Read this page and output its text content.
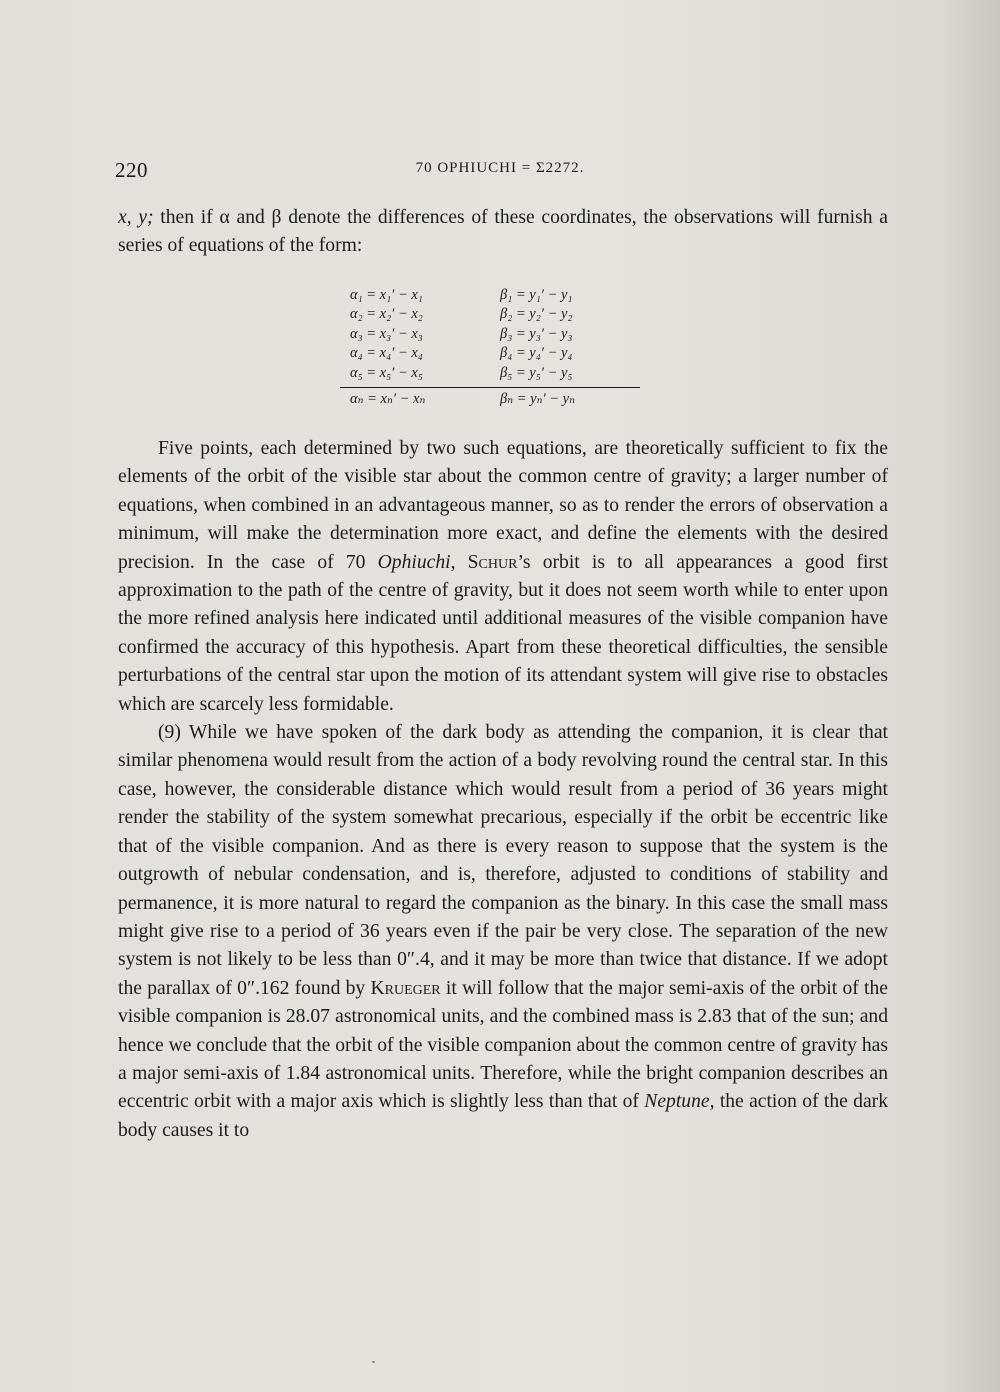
220	70 OPHIUCHI = Σ2272.

x, y; then if α and β denote the differences of these coordinates, the observations will furnish a series of equations of the form:

α₁ = x₁′ − x₁	β₁ = y₁′ − y₁
α₂ = x₂′ − x₂	β₂ = y₂′ − y₂
α₃ = x₃′ − x₃	β₃ = y₃′ − y₃
α₄ = x₄′ − x₄	β₄ = y₄′ − y₄
α₅ = x₅′ − x₅	β₅ = y₅′ − y₅
αₙ = xₙ′ − xₙ	βₙ = yₙ′ − yₙ

Five points, each determined by two such equations, are theoretically sufficient to fix the elements of the orbit of the visible star about the common centre of gravity; a larger number of equations, when combined in an advantageous manner, so as to render the errors of observation a minimum, will make the determination more exact, and define the elements with the desired precision. In the case of 70 Ophiuchi, Schur’s orbit is to all appearances a good first approximation to the path of the centre of gravity, but it does not seem worth while to enter upon the more refined analysis here indicated until additional measures of the visible companion have confirmed the accuracy of this hypothesis. Apart from these theoretical difficulties, the sensible perturbations of the central star upon the motion of its attendant system will give rise to obstacles which are scarcely less formidable.

(9) While we have spoken of the dark body as attending the companion, it is clear that similar phenomena would result from the action of a body revolving round the central star. In this case, however, the considerable distance which would result from a period of 36 years might render the stability of the system somewhat precarious, especially if the orbit be eccentric like that of the visible companion. And as there is every reason to suppose that the system is the outgrowth of nebular condensation, and is, therefore, adjusted to conditions of stability and permanence, it is more natural to regard the companion as the binary. In this case the small mass might give rise to a period of 36 years even if the pair be very close. The separation of the new system is not likely to be less than 0″.4, and it may be more than twice that distance. If we adopt the parallax of 0″.162 found by Krueger it will follow that the major semi-axis of the orbit of the visible companion is 28.07 astronomical units, and the combined mass is 2.83 that of the sun; and hence we conclude that the orbit of the visible companion about the common centre of gravity has a major semi-axis of 1.84 astronomical units. Therefore, while the bright companion describes an eccentric orbit with a major axis which is slightly less than that of Neptune, the action of the dark body causes it to
